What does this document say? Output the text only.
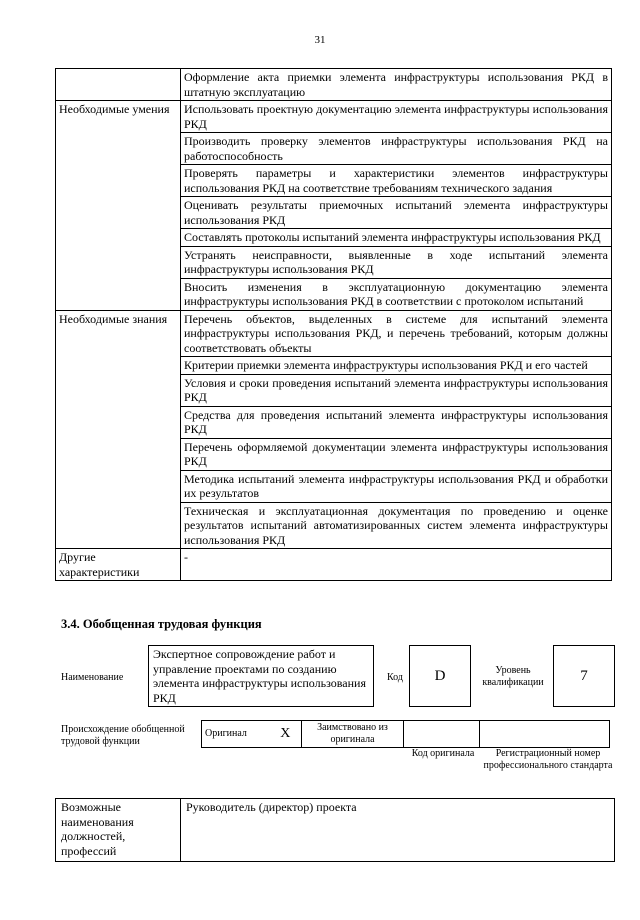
31
	Оформление акта приемки элемента инфраструктуры использования РКД в штатную эксплуатацию
Необходимые умения	Использовать проектную документацию элемента инфраструктуры использования РКД
	Производить проверку элементов инфраструктуры использования РКД на работоспособность
	Проверять параметры и характеристики элементов инфраструктуры использования РКД на соответствие требованиям технического задания
	Оценивать результаты приемочных испытаний элемента инфраструктуры использования РКД
	Составлять протоколы испытаний элемента инфраструктуры использования РКД
	Устранять неисправности, выявленные в ходе испытаний элемента инфраструктуры использования РКД
	Вносить изменения в эксплуатационную документацию элемента инфраструктуры использования РКД в соответствии с протоколом испытаний
Необходимые знания	Перечень объектов, выделенных в системе для испытаний элемента инфраструктуры использования РКД, и перечень требований, которым должны соответствовать объекты
	Критерии приемки элемента инфраструктуры использования РКД и его частей
	Условия и сроки проведения испытаний элемента инфраструктуры использования РКД
	Средства для проведения испытаний элемента инфраструктуры использования РКД
	Перечень оформляемой документации элемента инфраструктуры использования РКД
	Методика испытаний элемента инфраструктуры использования РКД и обработки их результатов
	Техническая и эксплуатационная документация по проведению и оценке результатов испытаний автоматизированных систем элемента инфраструктуры использования РКД
Другие характеристики	-
3.4. Обобщенная трудовая функция
Наименование
Экспертное сопровождение работ и управление проектами по созданию элемента инфраструктуры использования РКД
Код	D	Уровень квалификации	7
Происхождение обобщенной трудовой функции
Оригинал	X	Заимствовано из оригинала		
Код оригинала	Регистрационный номер профессионального стандарта
Возможные наименования должностей, профессий	Руководитель (директор) проекта
